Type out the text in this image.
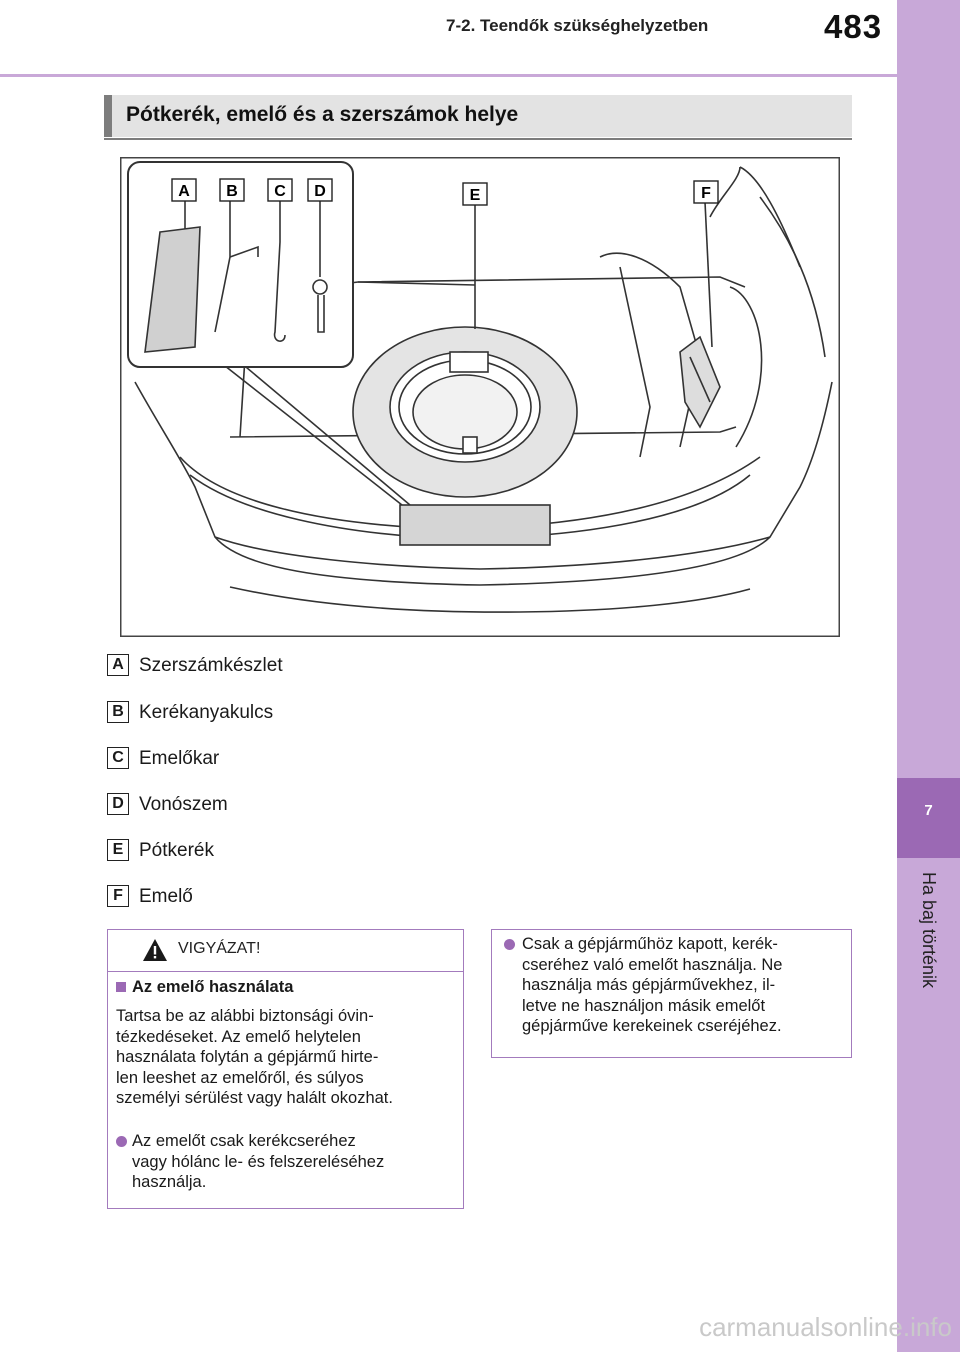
7-2. Teendők szükséghelyzetben	483
7
Ha baj történik
Pótkerék, emelő és a szerszámok helye
A B C D	E	F
A Szerszámkészlet
B Kerékanyakulcs
C Emelőkar
D Vonószem
E Pótkerék
F Emelő
VIGYÁZAT!
Az emelő használata
Tartsa be az alábbi biztonsági óvin-
tézkedéseket. Az emelő helytelen
használata folytán a gépjármű hirte-
len leeshet az emelőről, és súlyos
személyi sérülést vagy halált okozhat.
Az emelőt csak kerékcseréhez
vagy hólánc le- és felszereléséhez
használja.
Csak a gépjárműhöz kapott, kerék-
cseréhez való emelőt használja. Ne
használja más gépjárművekhez, il-
letve ne használjon másik emelőt
gépjárműve kerekeinek cseréjéhez.
carmanualsonline.info
